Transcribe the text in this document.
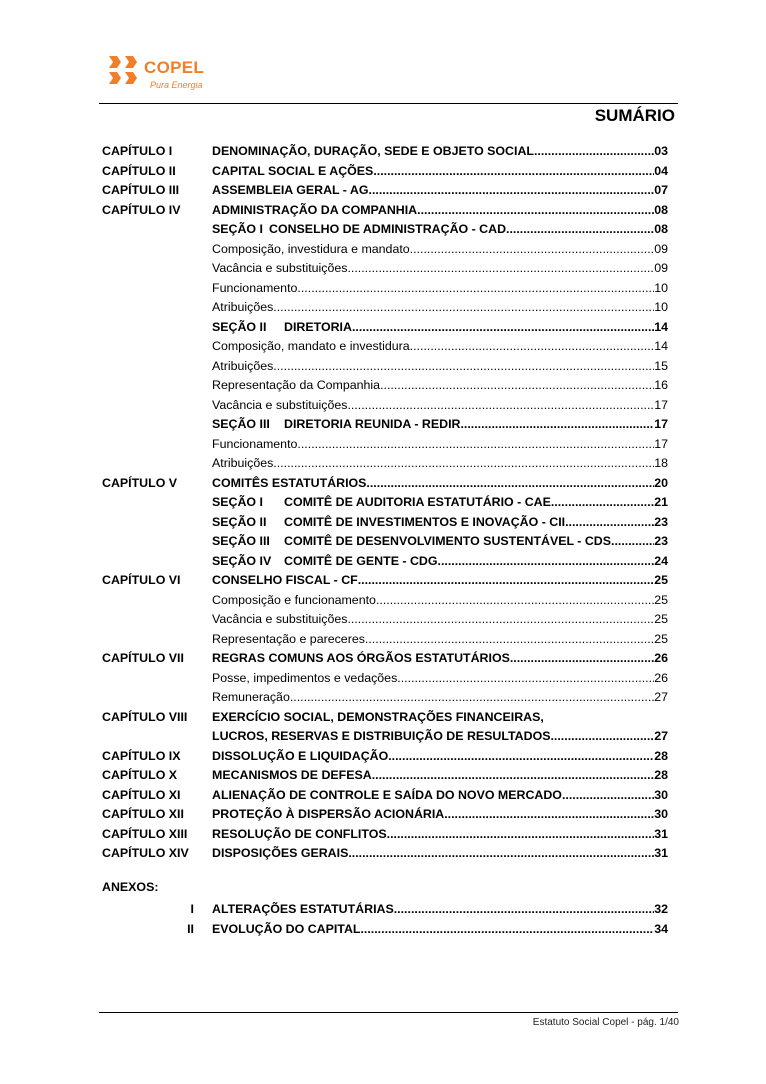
COPEL
Pura Energia
SUMÁRIO
CAPÍTULO I	DENOMINAÇÃO, DURAÇÃO, SEDE E OBJETO SOCIAL .....	03
CAPÍTULO II	CAPITAL SOCIAL E AÇÕES .....	04
CAPÍTULO III	ASSEMBLEIA GERAL - AG .....	07
CAPÍTULO IV	ADMINISTRAÇÃO DA COMPANHIA .....	08
SEÇÃO I CONSELHO DE ADMINISTRAÇÃO - CAD .....	08
Composição, investidura e mandato .....	09
Vacância e substituições .....	09
Funcionamento .....	10
Atribuições .....	10
SEÇÃO II DIRETORIA .....	14
Composição, mandato e investidura .....	14
Atribuições .....	15
Representação da Companhia .....	16
Vacância e substituições .....	17
SEÇÃO III DIRETORIA REUNIDA - REDIR .....	17
Funcionamento .....	17
Atribuições .....	18
CAPÍTULO V	COMITÊS ESTATUTÁRIOS .....	20
SEÇÃO I COMITÊ DE AUDITORIA ESTATUTÁRIO - CAE .....	21
SEÇÃO II COMITÊ DE INVESTIMENTOS E INOVAÇÃO - CII .....	23
SEÇÃO III COMITÊ DE DESENVOLVIMENTO SUSTENTÁVEL - CDS .....	23
SEÇÃO IV COMITÊ DE GENTE - CDG .....	24
CAPÍTULO VI	CONSELHO FISCAL - CF .....	25
Composição e funcionamento .....	25
Vacância e substituições .....	25
Representação e pareceres .....	25
CAPÍTULO VII REGRAS COMUNS AOS ÓRGÃOS ESTATUTÁRIOS .....	26
Posse, impedimentos e vedações .....	26
Remuneração .....	27
CAPÍTULO VIII EXERCÍCIO SOCIAL, DEMONSTRAÇÕES FINANCEIRAS,
LUCROS, RESERVAS E DISTRIBUIÇÃO DE RESULTADOS .....	27
CAPÍTULO IX	DISSOLUÇÃO E LIQUIDAÇÃO .....	28
CAPÍTULO X	MECANISMOS DE DEFESA .....	28
CAPÍTULO XI	ALIENAÇÃO DE CONTROLE E SAÍDA DO NOVO MERCADO .....	30
CAPÍTULO XII PROTEÇÃO À DISPERSÃO ACIONÁRIA .....	30
CAPÍTULO XIII RESOLUÇÃO DE CONFLITOS .....	31
CAPÍTULO XIV DISPOSIÇÕES GERAIS .....	31
ANEXOS:
I ALTERAÇÕES ESTATUTÁRIAS .....	32
II EVOLUÇÃO DO CAPITAL .....	34
Estatuto Social Copel - pág. 1/40
